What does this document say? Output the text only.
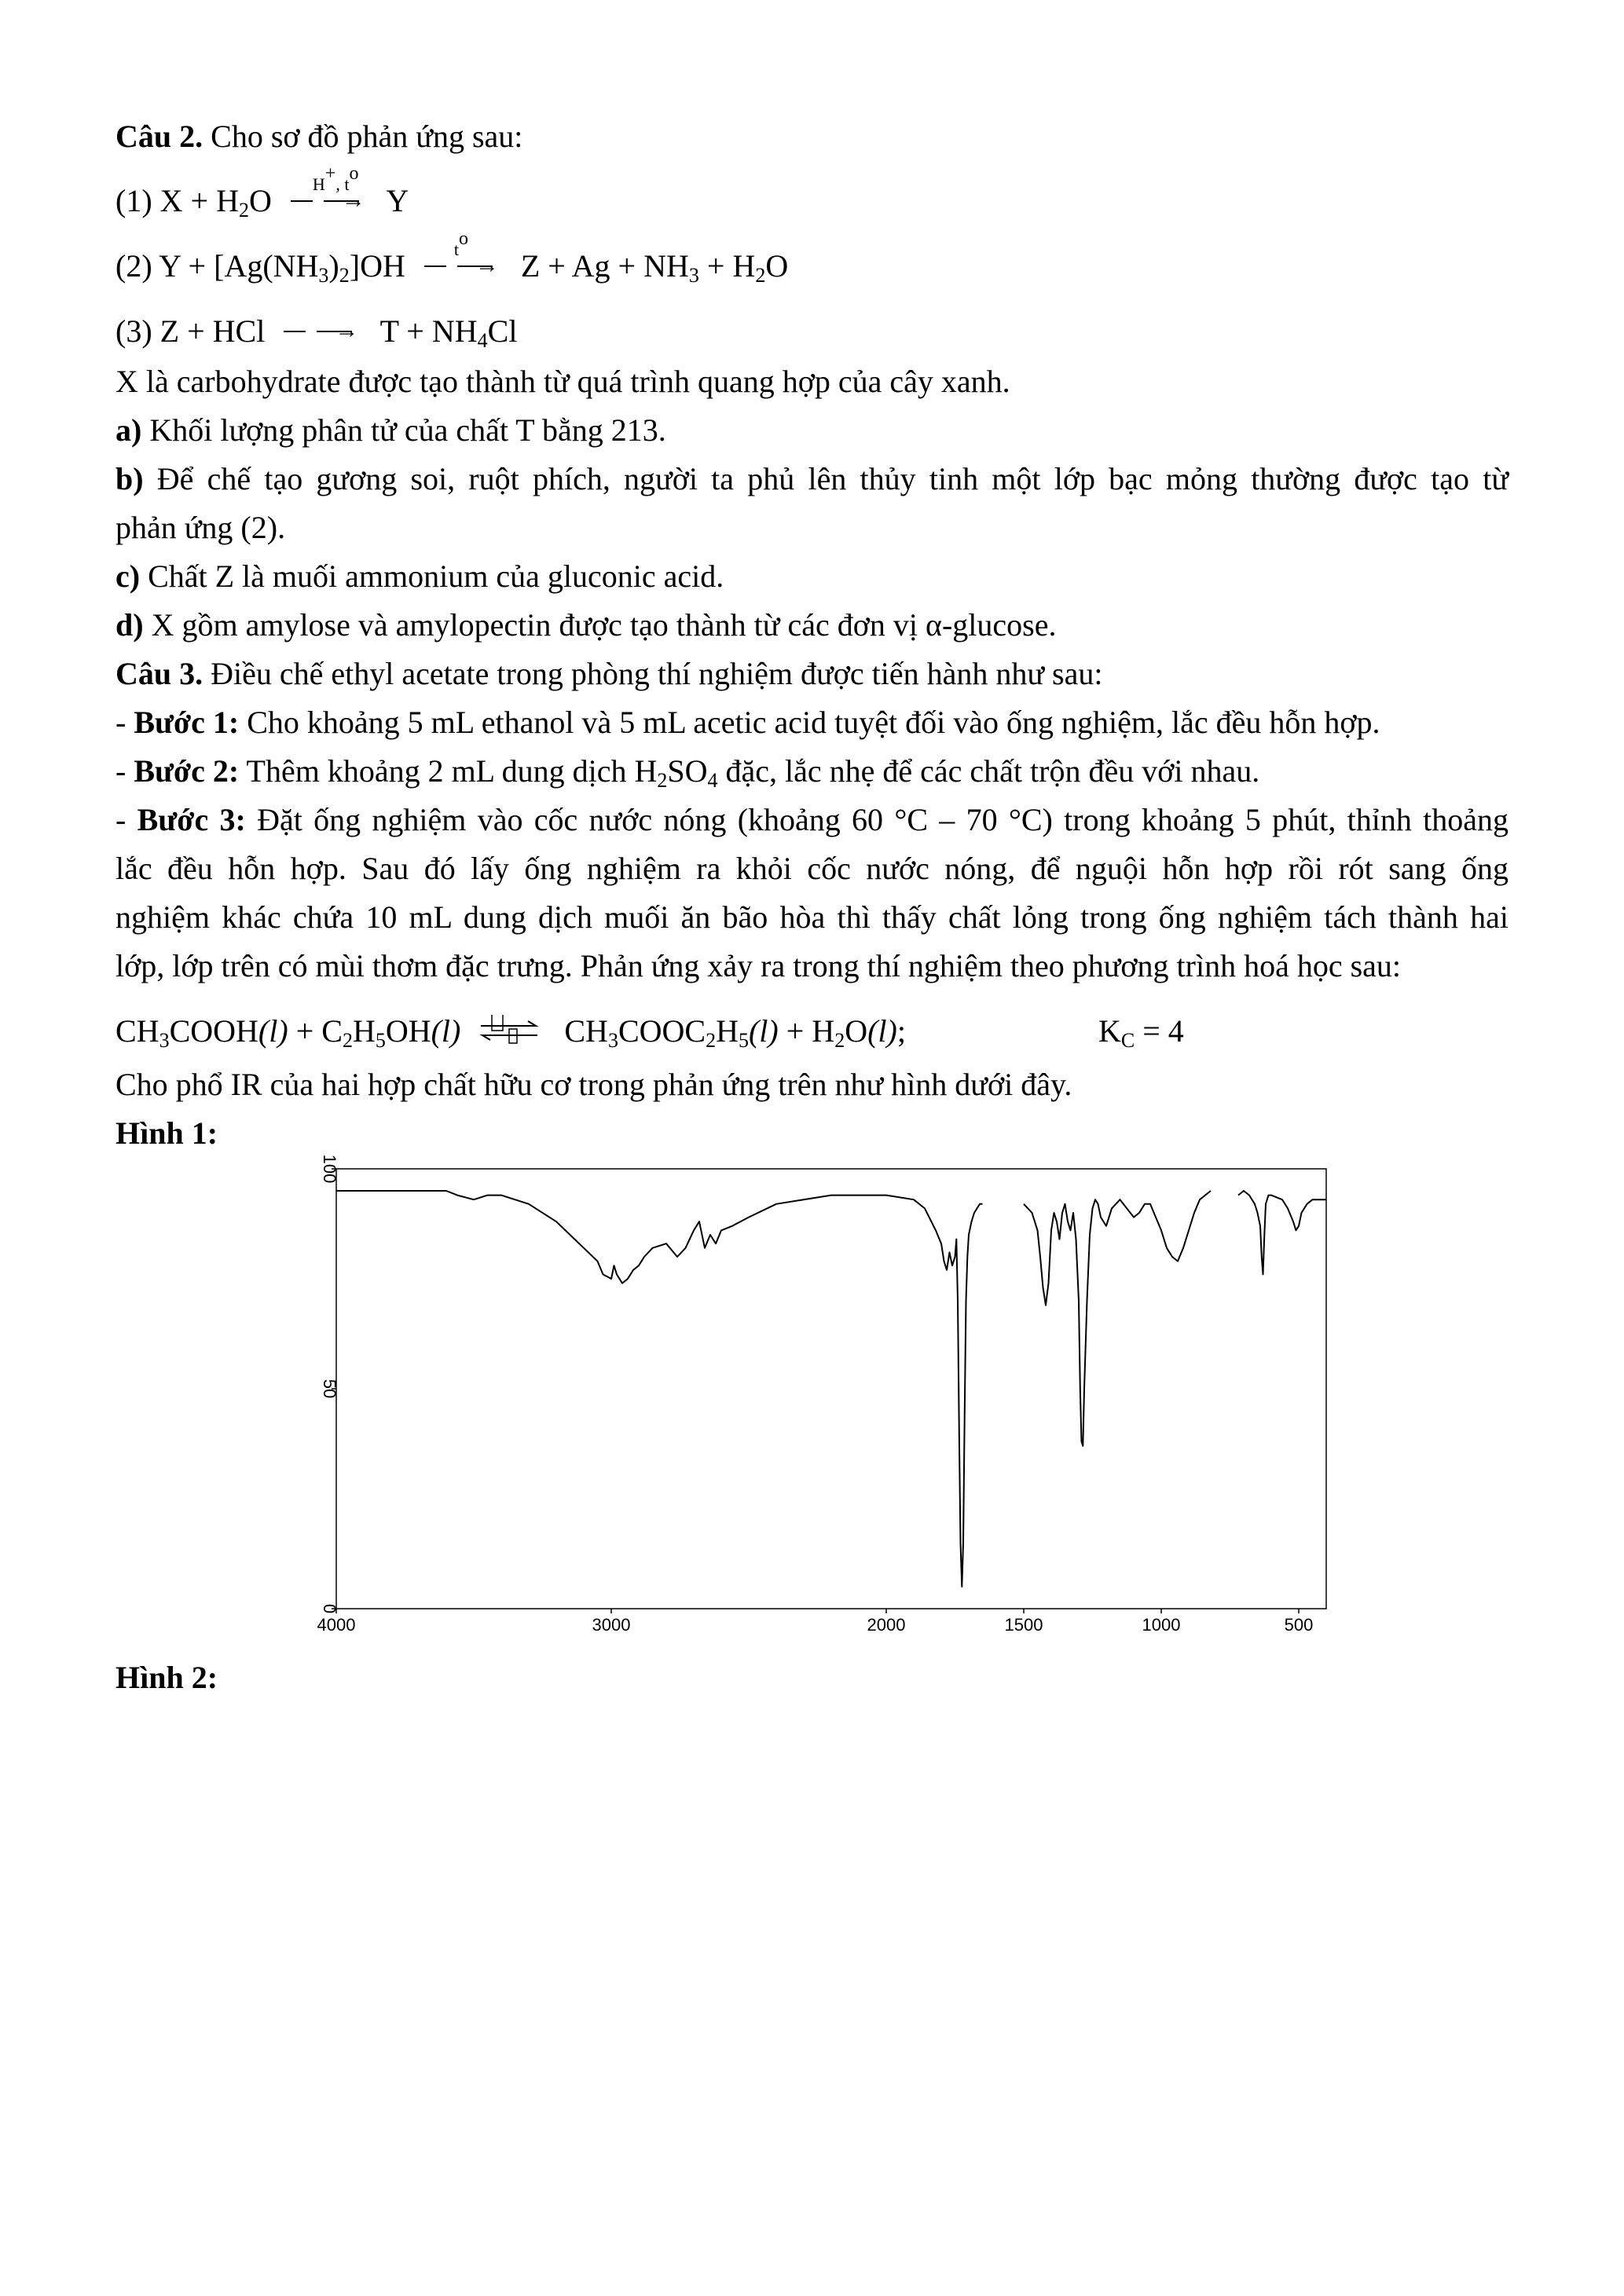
Câu 2. Cho sơ đồ phản ứng sau:
(1) $X + H_2O$	→
H+, $t^o$
Y
(2) $Y + [Ag(NH_3)_2]OH$	→
$t^o$
$Z + Ag + NH_3 + H_2O$
(3) Z + HCl	→ $T + NH_4Cl$
X là carbohydrate được tạo thành từ quá trình quang hợp của cây xanh.
a) Khối lượng phân tử của chất T bằng 213.
b) Để chế tạo gương soi, ruột phích, người ta phủ lên thủy tinh một lớp bạc mỏng thường được tạo từ
phản ứng (2).
c) Chất Z là muối ammonium của gluconic acid.
d) X gồm amylose và amylopectin được tạo thành từ các đơn vị α-glucose.
Câu 3. Điều chế ethyl acetate trong phòng thí nghiệm được tiến hành như sau:
- Bước 1: Cho khoảng 5 mL ethanol và 5 mL acetic acid tuyệt đối vào ống nghiệm, lắc đều hỗn hợp.
- Bước 2: Thêm khoảng 2 mL dung dịch $H_2SO_4$ đặc, lắc nhẹ để các chất trộn đều với nhau.
- Bước 3: Đặt ống nghiệm vào cốc nước nóng (khoảng 60 °C – 70 °C) trong khoảng 5 phút, thỉnh thoảng
lắc đều hỗn hợp. Sau đó lấy ống nghiệm ra khỏi cốc nước nóng, để nguội hỗn hợp rồi rót sang ống
nghiệm khác chứa 10 mL dung dịch muối ăn bão hòa thì thấy chất lỏng trong ống nghiệm tách thành hai
lớp, lớp trên có mùi thơm đặc trưng. Phản ứng xảy ra trong thí nghiệm theo phương trình hoá học sau:
$CH_3COOH(l) + C_2H_5OH(l)$ ⇌ $CH_3COOC_2H_5(l) + H_2O(l)$;	$K_C = 4$
Cho phổ IR của hai hợp chất hữu cơ trong phản ứng trên như hình dưới đây.
Hình 1:
4000	3000	2000	1500	1000	500
0
50
100
Hình 2:
